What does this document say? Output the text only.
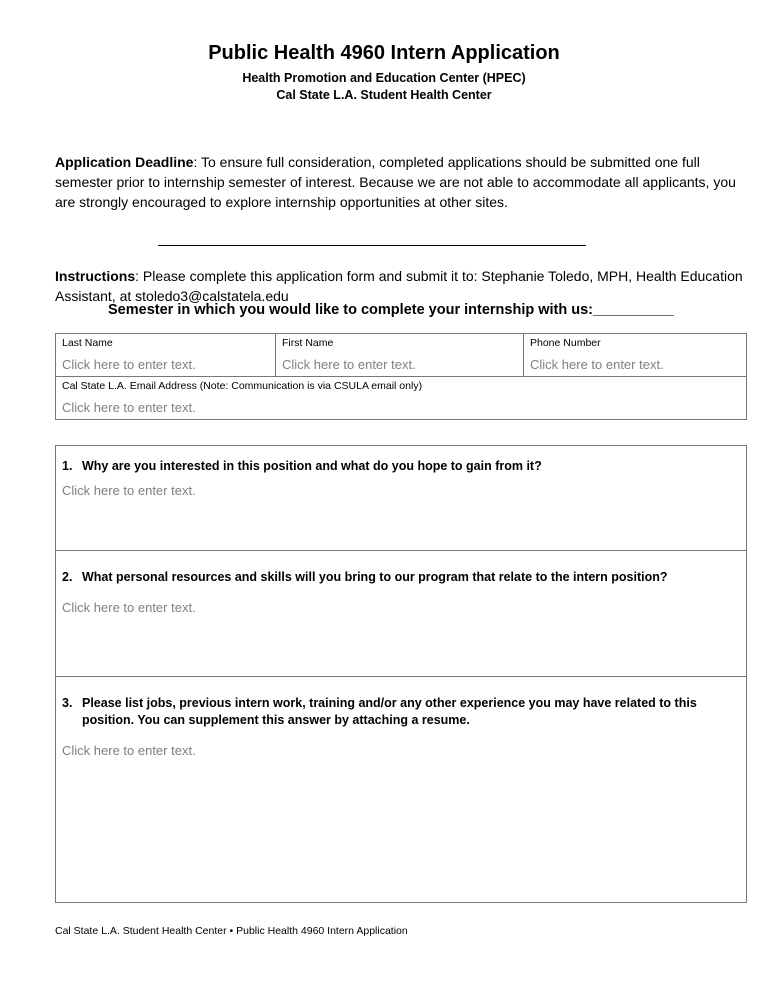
Public Health 4960 Intern Application
Health Promotion and Education Center (HPEC)
Cal State L.A. Student Health Center
Application Deadline: To ensure full consideration, completed applications should be submitted one full semester prior to internship semester of interest. Because we are not able to accommodate all applicants, you are strongly encouraged to explore internship opportunities at other sites.
Instructions: Please complete this application form and submit it to: Stephanie Toledo, MPH, Health Education Assistant, at stoledo3@calstatela.edu
Semester in which you would like to complete your internship with us:__________
Last Name
Click here to enter text.

First Name
Click here to enter text.

Phone Number
Click here to enter text.

Cal State L.A. Email Address (Note: Communication is via CSULA email only)
Click here to enter text.
1. Why are you interested in this position and what do you hope to gain from it?
Click here to enter text.
2. What personal resources and skills will you bring to our program that relate to the intern position?
Click here to enter text.
3. Please list jobs, previous intern work, training and/or any other experience you may have related to this position. You can supplement this answer by attaching a resume.
Click here to enter text.
Cal State L.A. Student Health Center • Public Health 4960 Intern Application
